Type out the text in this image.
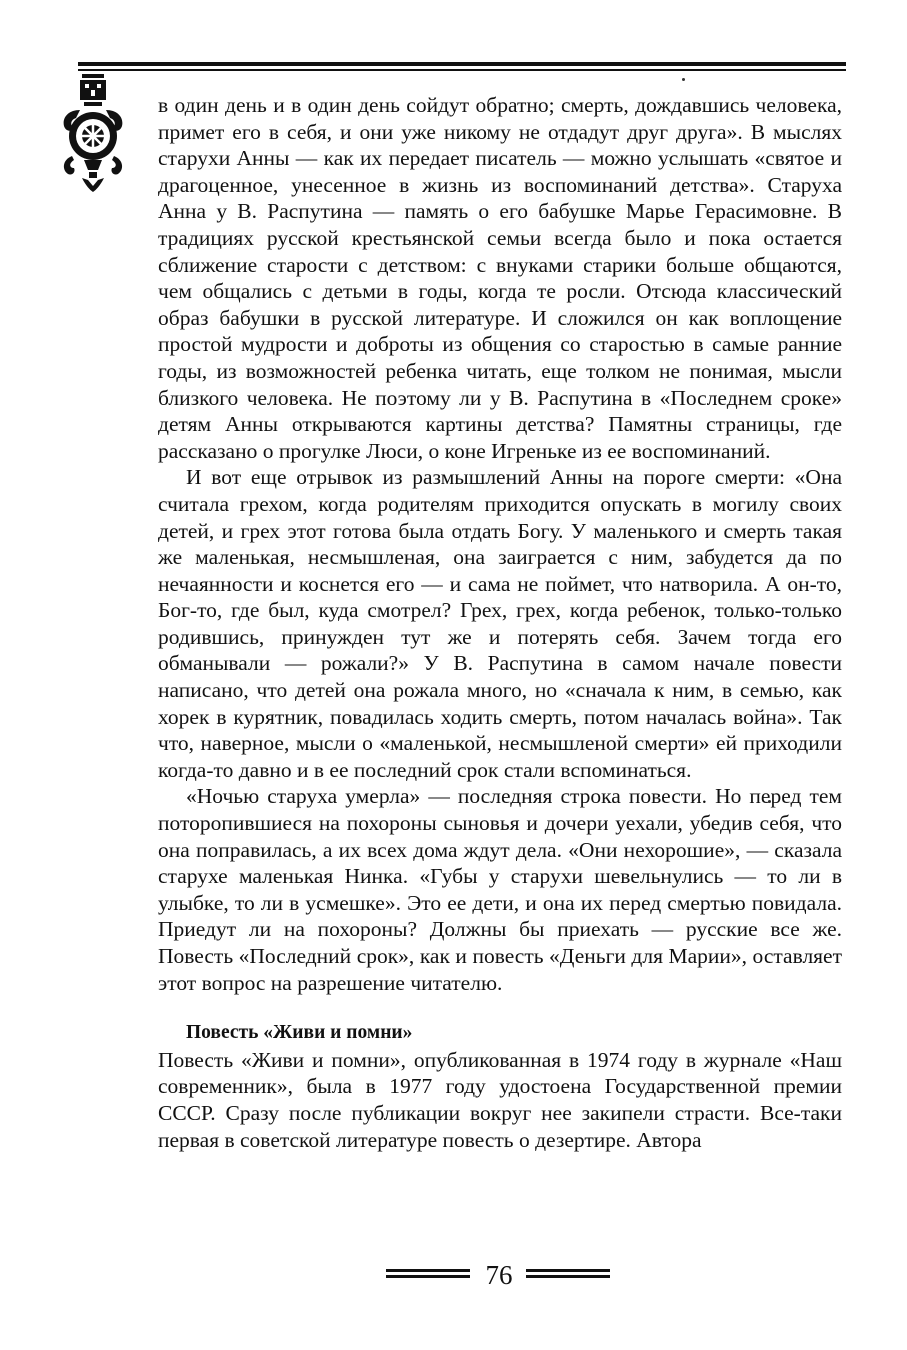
в один день и в один день сойдут обратно; смерть, дождавшись человека, примет его в себя, и они уже никому не отдадут друг друга». В мыслях старухи Анны — как их передает писатель — можно услышать «святое и драгоценное, унесенное в жизнь из воспоминаний детства». Старуха Анна у В. Распутина — память о его бабушке Марье Герасимовне. В традициях русской крестьянской семьи всегда было и пока остается сближение старости с детством: с внуками старики больше общаются, чем общались с детьми в годы, когда те росли. Отсюда классический образ бабушки в русской литературе. И сложился он как воплощение простой мудрости и доброты из общения со старостью в самые ранние годы, из возможностей ребенка читать, еще толком не понимая, мысли близкого человека. Не поэтому ли у В. Распутина в «Последнем сроке» детям Анны открываются картины детства? Памятны страницы, где рассказано о прогулке Люси, о коне Игреньке из ее воспоминаний.

И вот еще отрывок из размышлений Анны на пороге смерти: «Она считала грехом, когда родителям приходится опускать в могилу своих детей, и грех этот готова была отдать Богу. У маленького и смерть такая же маленькая, несмышленая, она заиграется с ним, забудется да по нечаянности и коснется его — и сама не поймет, что натворила. А он-то, Бог-то, где был, куда смотрел? Грех, грех, когда ребенок, только-только родившись, принужден тут же и потерять себя. Зачем тогда его обманывали — рожали?» У В. Распутина в самом начале повести написано, что детей она рожала много, но «сначала к ним, в семью, как хорек в курятник, повадилась ходить смерть, потом началась война». Так что, наверное, мысли о «маленькой, несмышленой смерти» ей приходили когда-то давно и в ее последний срок стали вспоминаться.

«Ночью старуха умерла» — последняя строка повести. Но перед тем поторопившиеся на похороны сыновья и дочери уехали, убедив себя, что она поправилась, а их всех дома ждут дела. «Они нехорошие», — сказала старухе маленькая Нинка. «Губы у старухи шевельнулись — то ли в улыбке, то ли в усмешке». Это ее дети, и она их перед смертью повидала. Приедут ли на похороны? Должны бы приехать — русские все же. Повесть «Последний срок», как и повесть «Деньги для Марии», оставляет этот вопрос на разрешение читателю.

Повесть «Живи и помни»

Повесть «Живи и помни», опубликованная в 1974 году в журнале «Наш современник», была в 1977 году удостоена Государственной премии СССР. Сразу после публикации вокруг нее закипели страсти. Все-таки первая в советской литературе повесть о дезертире. Автора

76
